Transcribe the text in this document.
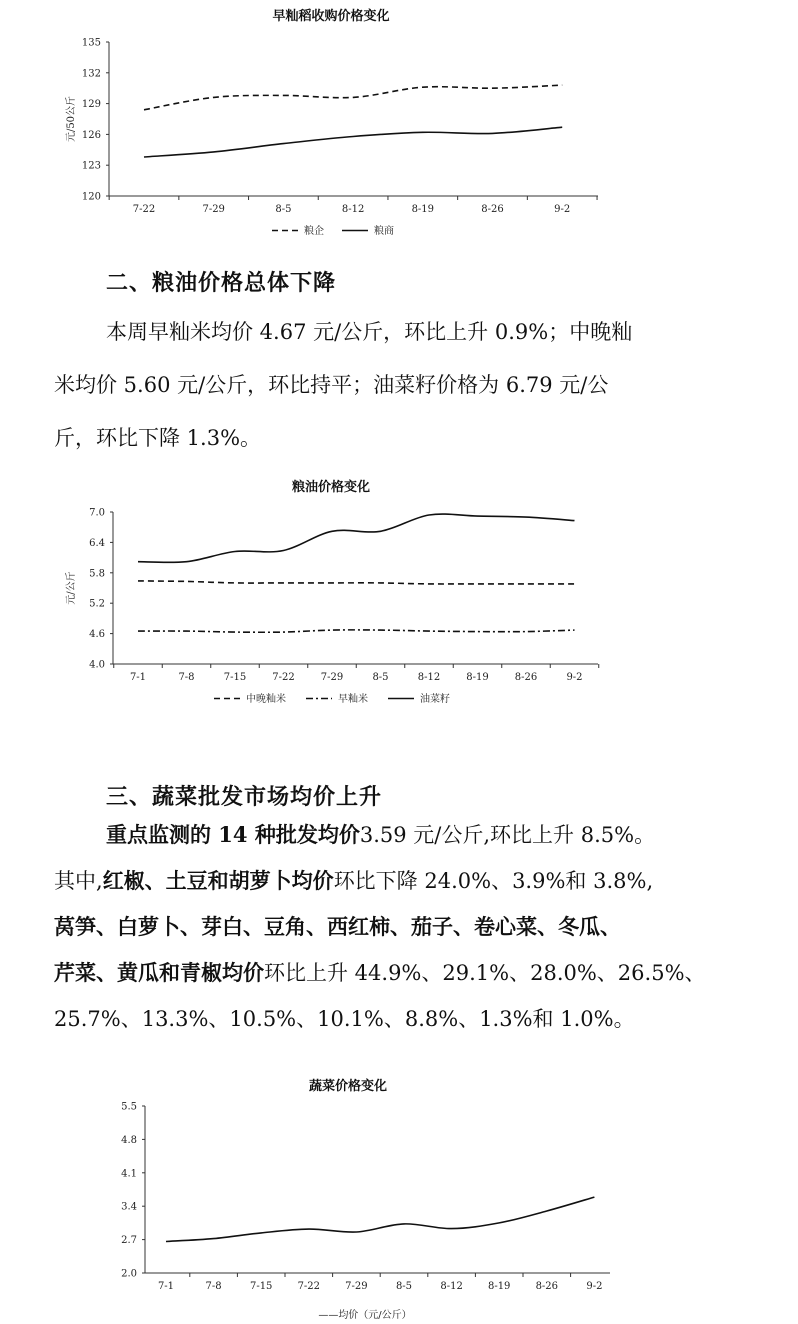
早籼稻收购价格变化
元/50公斤
135
132
129
126
123
120
7-22	7-29	8-5	8-12	8-19	8-26	9-2
粮企	粮商
二、粮油价格总体下降

本周早籼米均价 4.67 元/公斤，环比上升 0.9%；中晚籼
米均价 5.60 元/公斤，环比持平；油菜籽价格为 6.79 元/公
斤，环比下降 1.3%。

粮油价格变化
元/公斤
7.0
6.4
5.8
5.2
4.6
4.0
7-1	7-8	7-15	7-22	7-29	8-5	8-12	8-19	8-26	9-2
中晚籼米	早籼米	油菜籽
三、蔬菜批发市场均价上升

重点监测的 14 种批发均价3.59 元/公斤,环比上升 8.5%。
其中,红椒、土豆和胡萝卜均价环比下降 24.0%、3.9%和 3.8%,
莴笋、白萝卜、芽白、豆角、西红柿、茄子、卷心菜、冬瓜、
芹菜、黄瓜和青椒均价环比上升 44.9%、29.1%、28.0%、26.5%、
25.7%、13.3%、10.5%、10.1%、8.8%、1.3%和 1.0%。

蔬菜价格变化
5.5
4.8
4.1
3.4
2.7
2.0
7-1	7-8	7-15	7-22	7-29	8-5	8-12	8-19	8-26	9-2
——均价（元/公斤）
